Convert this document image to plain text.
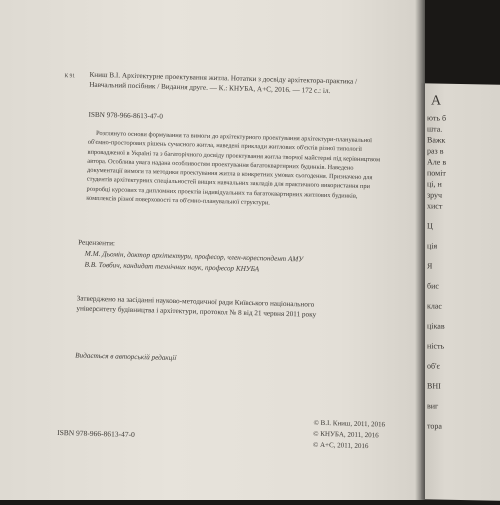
К 91 Книш В.І. Архітектурне проектування житла. Нотатки з досвіду архітектора-практика / Навчальний посібник / Видання друге. — К.: КНУБА, А+С, 2016. — 172 с.: іл.
ISBN 978-966-8613-47-0
Розглянуто основи формування та вимоги до архітектурного проектування архітектури-планувальної об'ємно-просторових рішень сучасного житла, наведені приклади житлових об'єктів різної типології впровадженої в Україні та з багаторічного досвіду проектування житла творчої майстерні під керівництвом автора. Особлива увага надана особливостям проектування багатоквартирних будинків. Наведено документації вимоги та методики проектування житла в конкретних умовах сьогодення. Призначено для студентів архітектурних спеціальностей вищих навчальних закладів для практичного використання при розробці курсових та дипломних проектів індивідуальних та багатоквартирних житлових будинків, комплексів різної поверховості та об'ємно-планувальної структури.
Рецензенти:
М.М. Дьомін, доктор архітектури, професор, член-кореспондент АМУ
В.В. Товбич, кандидат технічних наук, професор КНУБА
Затверджено на засіданні науково-методичної ради Київського національного університету будівництва і архітектури, протокол № 8 від 21 червня 2011 року
Видається в авторській редакції
ISBN 978-966-8613-47-0
© В.І. Книш, 2011, 2016
© КНУБА, 2011, 2016
© А+С, 2011, 2016
А
ють б
шта.
Важк
раз в
Але в
поміт
ці, н
зруч
хист
Ц
ція
Я
бис
клас
цікав
ність
об'є
ВНІ
виг
тора
